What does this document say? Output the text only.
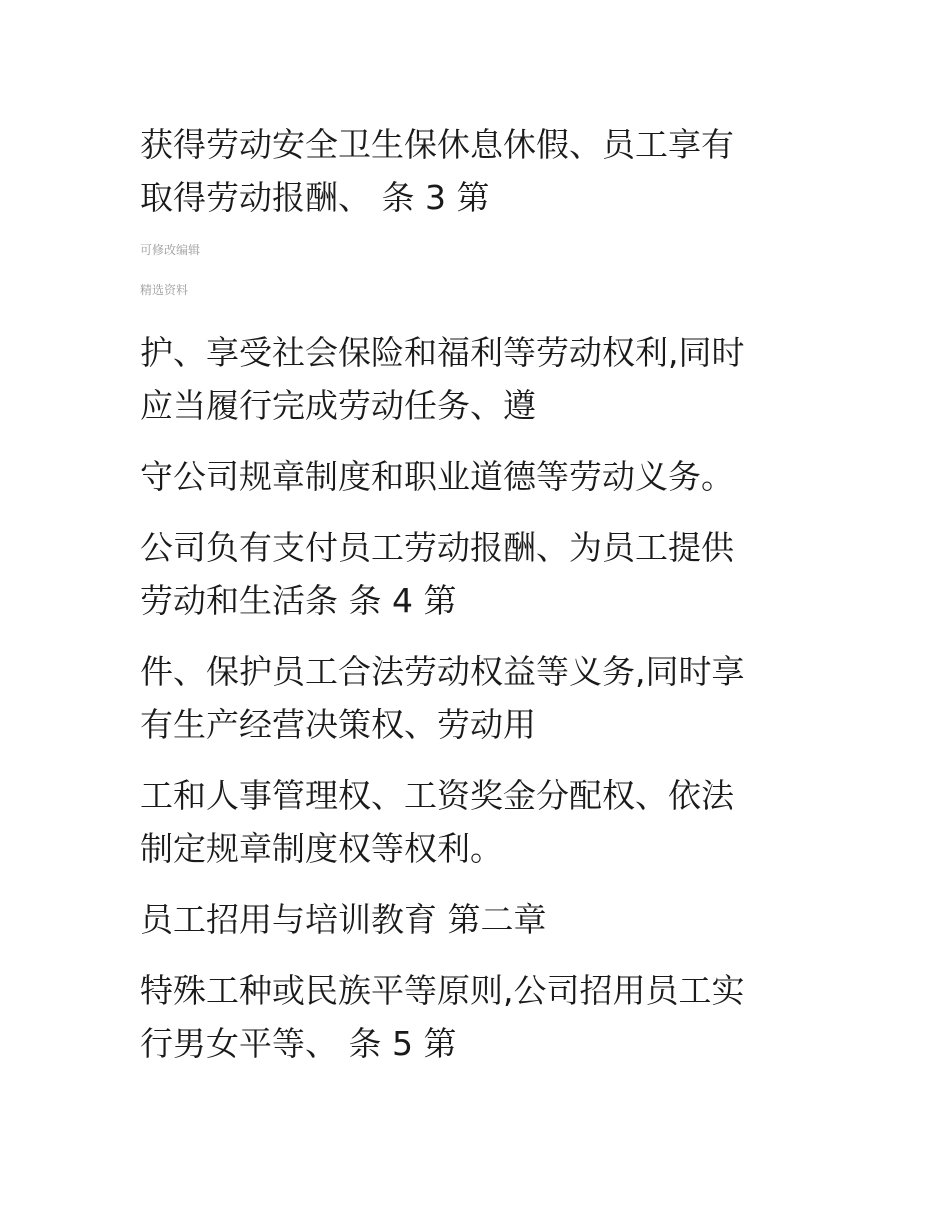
获得劳动安全卫生保休息休假、员工享有
取得劳动报酬、 条 3 第

可修改编辑

精选资料

护、享受社会保险和福利等劳动权利,同时
应当履行完成劳动任务、遵
守公司规章制度和职业道德等劳动义务。
公司负有支付员工劳动报酬、为员工提供
劳动和生活条 条 4 第
件、保护员工合法劳动权益等义务,同时享
有生产经营决策权、劳动用
工和人事管理权、工资奖金分配权、依法
制定规章制度权等权利。
员工招用与培训教育 第二章
特殊工种或民族平等原则,公司招用员工实
行男女平等、 条 5 第
